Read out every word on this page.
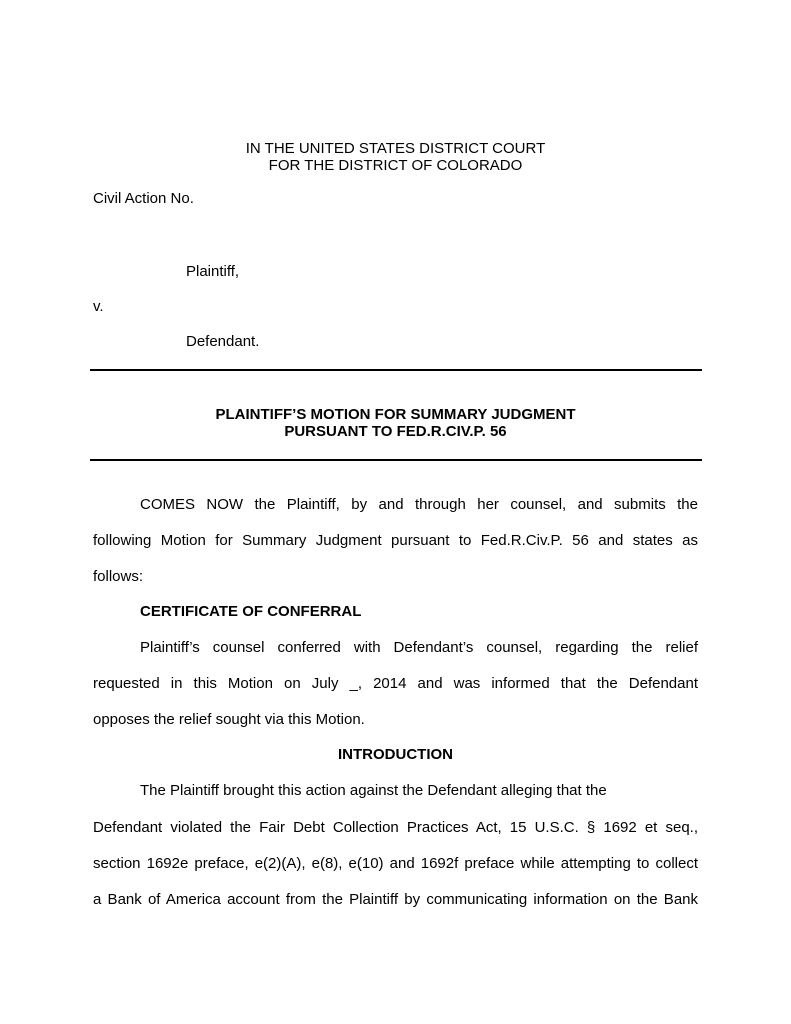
IN THE UNITED STATES DISTRICT COURT
FOR THE DISTRICT OF COLORADO
Civil Action No.
Plaintiff,
v.
Defendant.
PLAINTIFF’S MOTION FOR SUMMARY JUDGMENT
PURSUANT TO FED.R.CIV.P. 56
COMES NOW the Plaintiff, by and through her counsel, and submits the
following Motion for Summary Judgment pursuant to Fed.R.Civ.P. 56 and states as
follows:
CERTIFICATE OF CONFERRAL
Plaintiff’s counsel conferred with Defendant’s counsel, regarding the relief
requested in this Motion on July _, 2014 and was informed that the Defendant
opposes the relief sought via this Motion.
INTRODUCTION
The Plaintiff brought this action against the Defendant alleging that the
Defendant violated the Fair Debt Collection Practices Act, 15 U.S.C. § 1692 et seq.,
section 1692e preface, e(2)(A), e(8), e(10) and 1692f preface while attempting to collect
a Bank of America account from the Plaintiff by communicating information on the Bank
